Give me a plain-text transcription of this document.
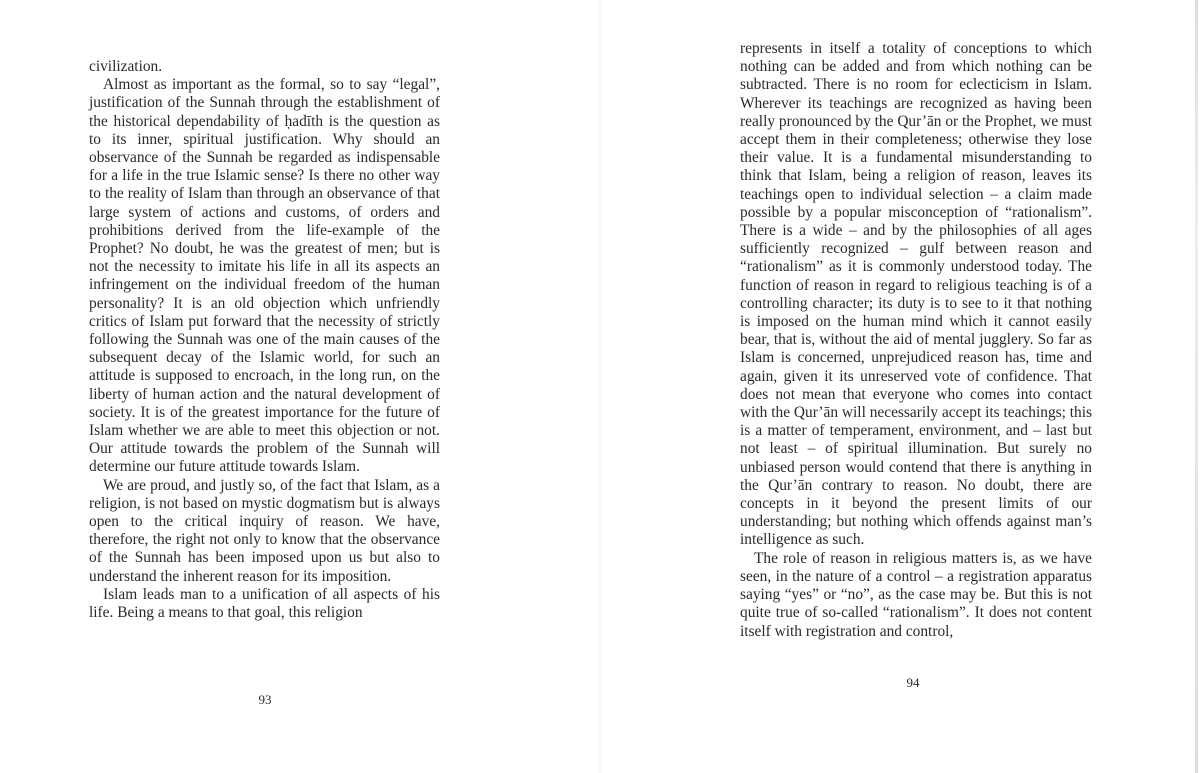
civilization.

Almost as important as the formal, so to say “legal”, justification of the Sunnah through the establishment of the historical dependability of ḥadīth is the question as to its inner, spiritual justification. Why should an observance of the Sunnah be regarded as indispensable for a life in the true Islamic sense? Is there no other way to the reality of Islam than through an observance of that large system of actions and customs, of orders and prohibitions derived from the life-example of the Prophet? No doubt, he was the greatest of men; but is not the necessity to imitate his life in all its aspects an infringement on the individual freedom of the human personality? It is an old objection which unfriendly critics of Islam put forward that the necessity of strictly following the Sunnah was one of the main causes of the subsequent decay of the Islamic world, for such an attitude is supposed to encroach, in the long run, on the liberty of human action and the natural development of society. It is of the greatest importance for the future of Islam whether we are able to meet this objection or not. Our attitude towards the problem of the Sunnah will determine our future attitude towards Islam.

We are proud, and justly so, of the fact that Islam, as a religion, is not based on mystic dogmatism but is always open to the critical inquiry of reason. We have, therefore, the right not only to know that the observance of the Sunnah has been imposed upon us but also to understand the inherent reason for its imposition.

Islam leads man to a unification of all aspects of his life. Being a means to that goal, this religion

93

represents in itself a totality of conceptions to which nothing can be added and from which nothing can be subtracted. There is no room for eclecticism in Islam. Wherever its teachings are recognized as having been really pronounced by the Qur’ān or the Prophet, we must accept them in their completeness; otherwise they lose their value. It is a fundamental misunderstanding to think that Islam, being a religion of reason, leaves its teachings open to individual selection – a claim made possible by a popular misconception of “rationalism”. There is a wide – and by the philosophies of all ages sufficiently recognized – gulf between reason and “rationalism” as it is commonly understood today. The function of reason in regard to religious teaching is of a controlling character; its duty is to see to it that nothing is imposed on the human mind which it cannot easily bear, that is, without the aid of mental jugglery. So far as Islam is concerned, unprejudiced reason has, time and again, given it its unreserved vote of confidence. That does not mean that everyone who comes into contact with the Qur’ān will necessarily accept its teachings; this is a matter of temperament, environment, and – last but not least – of spiritual illumination. But surely no unbiased person would contend that there is anything in the Qur’ān contrary to reason. No doubt, there are concepts in it beyond the present limits of our understanding; but nothing which offends against man’s intelligence as such.

The role of reason in religious matters is, as we have seen, in the nature of a control – a registration apparatus saying “yes” or “no”, as the case may be. But this is not quite true of so-called “rationalism”. It does not content itself with registration and control,

94
